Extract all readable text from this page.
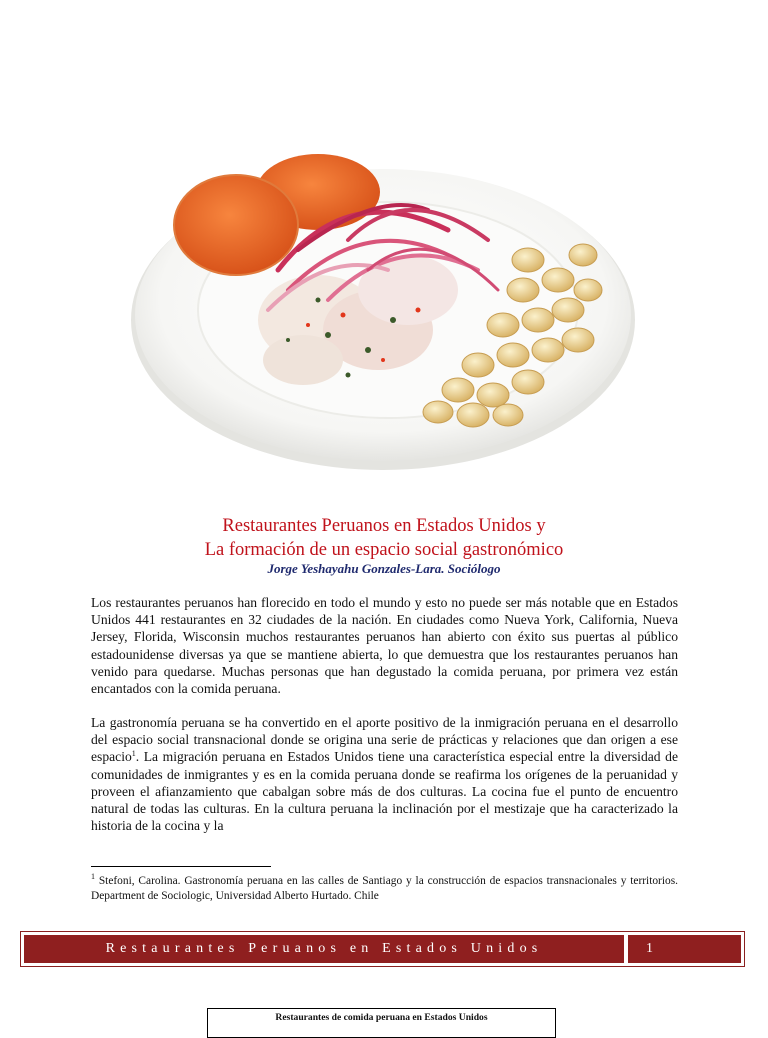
Restaurantes Peruanos en Estados Unidos y
La formación de un espacio social gastronómico
Jorge Yeshayahu Gonzales-Lara. Sociólogo

Los restaurantes peruanos han florecido en todo el mundo y esto no puede ser más notable que en Estados Unidos 441 restaurantes en 32 ciudades de la nación. En ciudades como Nueva York, California, Nueva Jersey, Florida, Wisconsin muchos restaurantes peruanos han abierto con éxito sus puertas al público estadounidense diversas ya que se mantiene abierta, lo que demuestra que los restaurantes peruanos han venido para quedarse. Muchas personas que han degustado la comida peruana, por primera vez están encantados con la comida peruana.

La gastronomía peruana se ha convertido en el aporte positivo de la inmigración peruana en el desarrollo del espacio social transnacional donde se origina una serie de prácticas y relaciones que dan origen a ese espacio$^1$. La migración peruana en Estados Unidos tiene una característica especial entre la diversidad de comunidades de inmigrantes y es en la comida peruana donde se reafirma los orígenes de la peruanidad y proveen el afianzamiento que cabalgan sobre más de dos culturas. La cocina fue el punto de encuentro natural de todas las culturas. En la cultura peruana la inclinación por el mestizaje que ha caracterizado la historia de la cocina y la

$^1$ Stefoni, Carolina. Gastronomía peruana en las calles de Santiago y la construcción de espacios transnacionales y territorios. Department de Sociologic, Universidad Alberto Hurtado. Chile

Restaurantes Peruanos en Estados Unidos	1
Restaurantes de comida peruana en Estados Unidos
